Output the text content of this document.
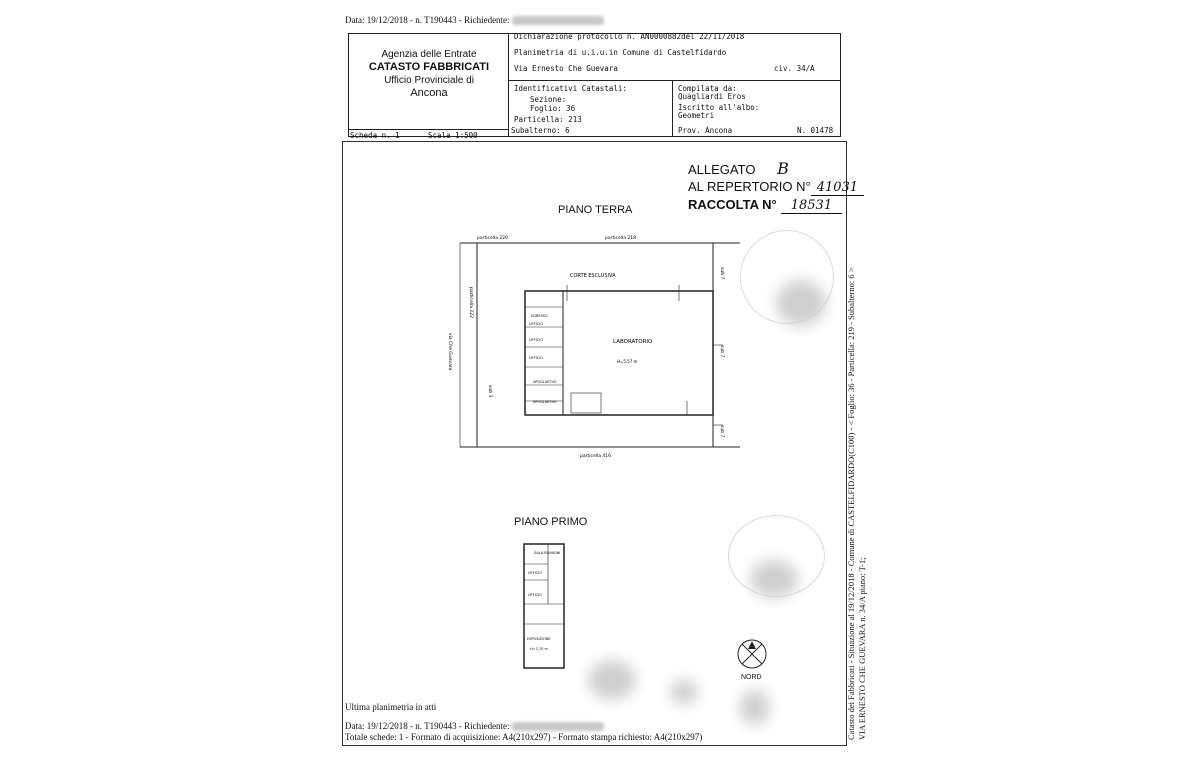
Data: 19/12/2018 - n. T190443 - Richiedente:
Agenzia delle Entrate
CATASTO FABBRICATI
Ufficio Provinciale di
Ancona
Dichiarazione protocollo n. AN0000882del 22/11/2018
Planimetria di u.i.u.in Comune di Castelfidardo
Via Ernesto Che Guevara	civ. 34/A
Identificativi Catastali:
Sezione:
Foglio: 36
Particella: 213
Subalterno: 6
Compilata da:
Quagliardi Eros
Iscritto all'albo:
Geometri
Prov. Ancona	N. 01478
Scheda n. 1	Scala 1:500
ALLEGATO B
AL REPERTORIO N° 41031
RACCOLTA N° 18531
PIANO TERRA
particella 220	particella 218
particella 416
CORTE ESCLUSIVA
LABORATORIO
H=5,57 m
EGRESSO
UFFICIO
UFFICIO
UFFICIO
SPOGLIATOIO
SPOGLIATOIO
particella 222
via Che Guevara
sub 3
sub 7
sub 7
sub 7
PIANO PRIMO
SALA RIUNIONI
UFFICIO
UFFICIO
ESPOSIZIONE
H=2,70 m
NORD
Ultima planimetria in atti
Data: 19/12/2018 - n. T190443 - Richiedente:
Totale schede: 1 - Formato di acquisizione: A4(210x297) - Formato stampa richiesto: A4(210x297)	Catasto dei Fabbricati - Situazione al 19/12/2018 - Comune di CASTELFIDARDO(C100) - < Foglio: 36 - Particella: 219 - Subalterno: 6 > VIA ERNESTO CHE GUEVARA n. 34/A piano: T-1;
